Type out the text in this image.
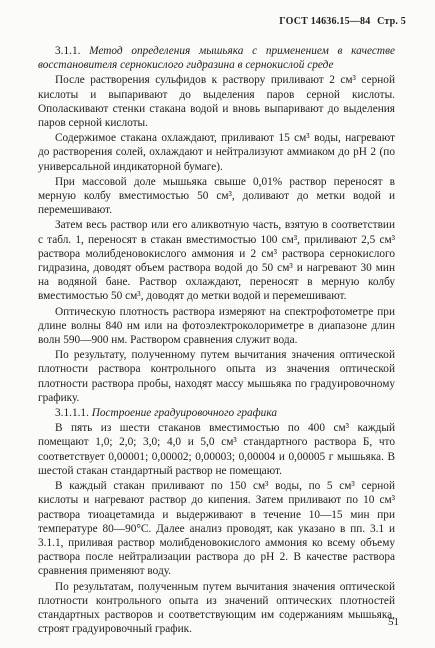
ГОСТ 14636.15—84 Стр. 5

3.1.1. Метод определения мышьяка с применением в качестве восстановителя сернокислого гидразина в сернокислой среде

После растворения сульфидов к раствору приливают 2 см³ серной кислоты и выпаривают до выделения паров серной кислоты. Ополаскивают стенки стакана водой и вновь выпаривают до выделения паров серной кислоты.

Содержимое стакана охлаждают, приливают 15 см³ воды, нагревают до растворения солей, охлаждают и нейтрализуют аммиаком до рН 2 (по универсальной индикаторной бумаге).

При массовой доле мышьяка свыше 0,01% раствор переносят в мерную колбу вместимостью 50 см³, доливают до метки водой и перемешивают.

Затем весь раствор или его аликвотную часть, взятую в соответствии с табл. 1, переносят в стакан вместимостью 100 см³, приливают 2,5 см³ раствора молибденовокислого аммония и 2 см³ раствора сернокислого гидразина, доводят объем раствора водой до 50 см³ и нагревают 30 мин на водяной бане. Раствор охлаждают, переносят в мерную колбу вместимостью 50 см³, доводят до метки водой и перемешивают.

Оптическую плотность раствора измеряют на спектрофотометре при длине волны 840 нм или на фотоэлектроколориметре в диапазоне длин волн 590—900 нм. Раствором сравнения служит вода.

По результату, полученному путем вычитания значения оптической плотности раствора контрольного опыта из значения оптической плотности раствора пробы, находят массу мышьяка по градуировочному графику.

3.1.1.1. Построение градуировочного графика

В пять из шести стаканов вместимостью по 400 см³ каждый помещают 1,0; 2,0; 3,0; 4,0 и 5,0 см³ стандартного раствора Б, что соответствует 0,00001; 0,00002; 0,00003; 0,00004 и 0,00005 г мышьяка. В шестой стакан стандартный раствор не помещают.

В каждый стакан приливают по 150 см³ воды, по 5 см³ серной кислоты и нагревают раствор до кипения. Затем приливают по 10 см³ раствора тиоацетамида и выдерживают в течение 10—15 мин при температуре 80—90°С. Далее анализ проводят, как указано в пп. 3.1 и 3.1.1, приливая раствор молибденовокислого аммония ко всему объему раствора после нейтрализации раствора до рН 2. В качестве раствора сравнения применяют воду.

По результатам, полученным путем вычитания значения оптической плотности контрольного опыта из значений оптических плотностей стандартных растворов и соответствующим им содержаниям мышьяка, строят градуировочный график.

51
